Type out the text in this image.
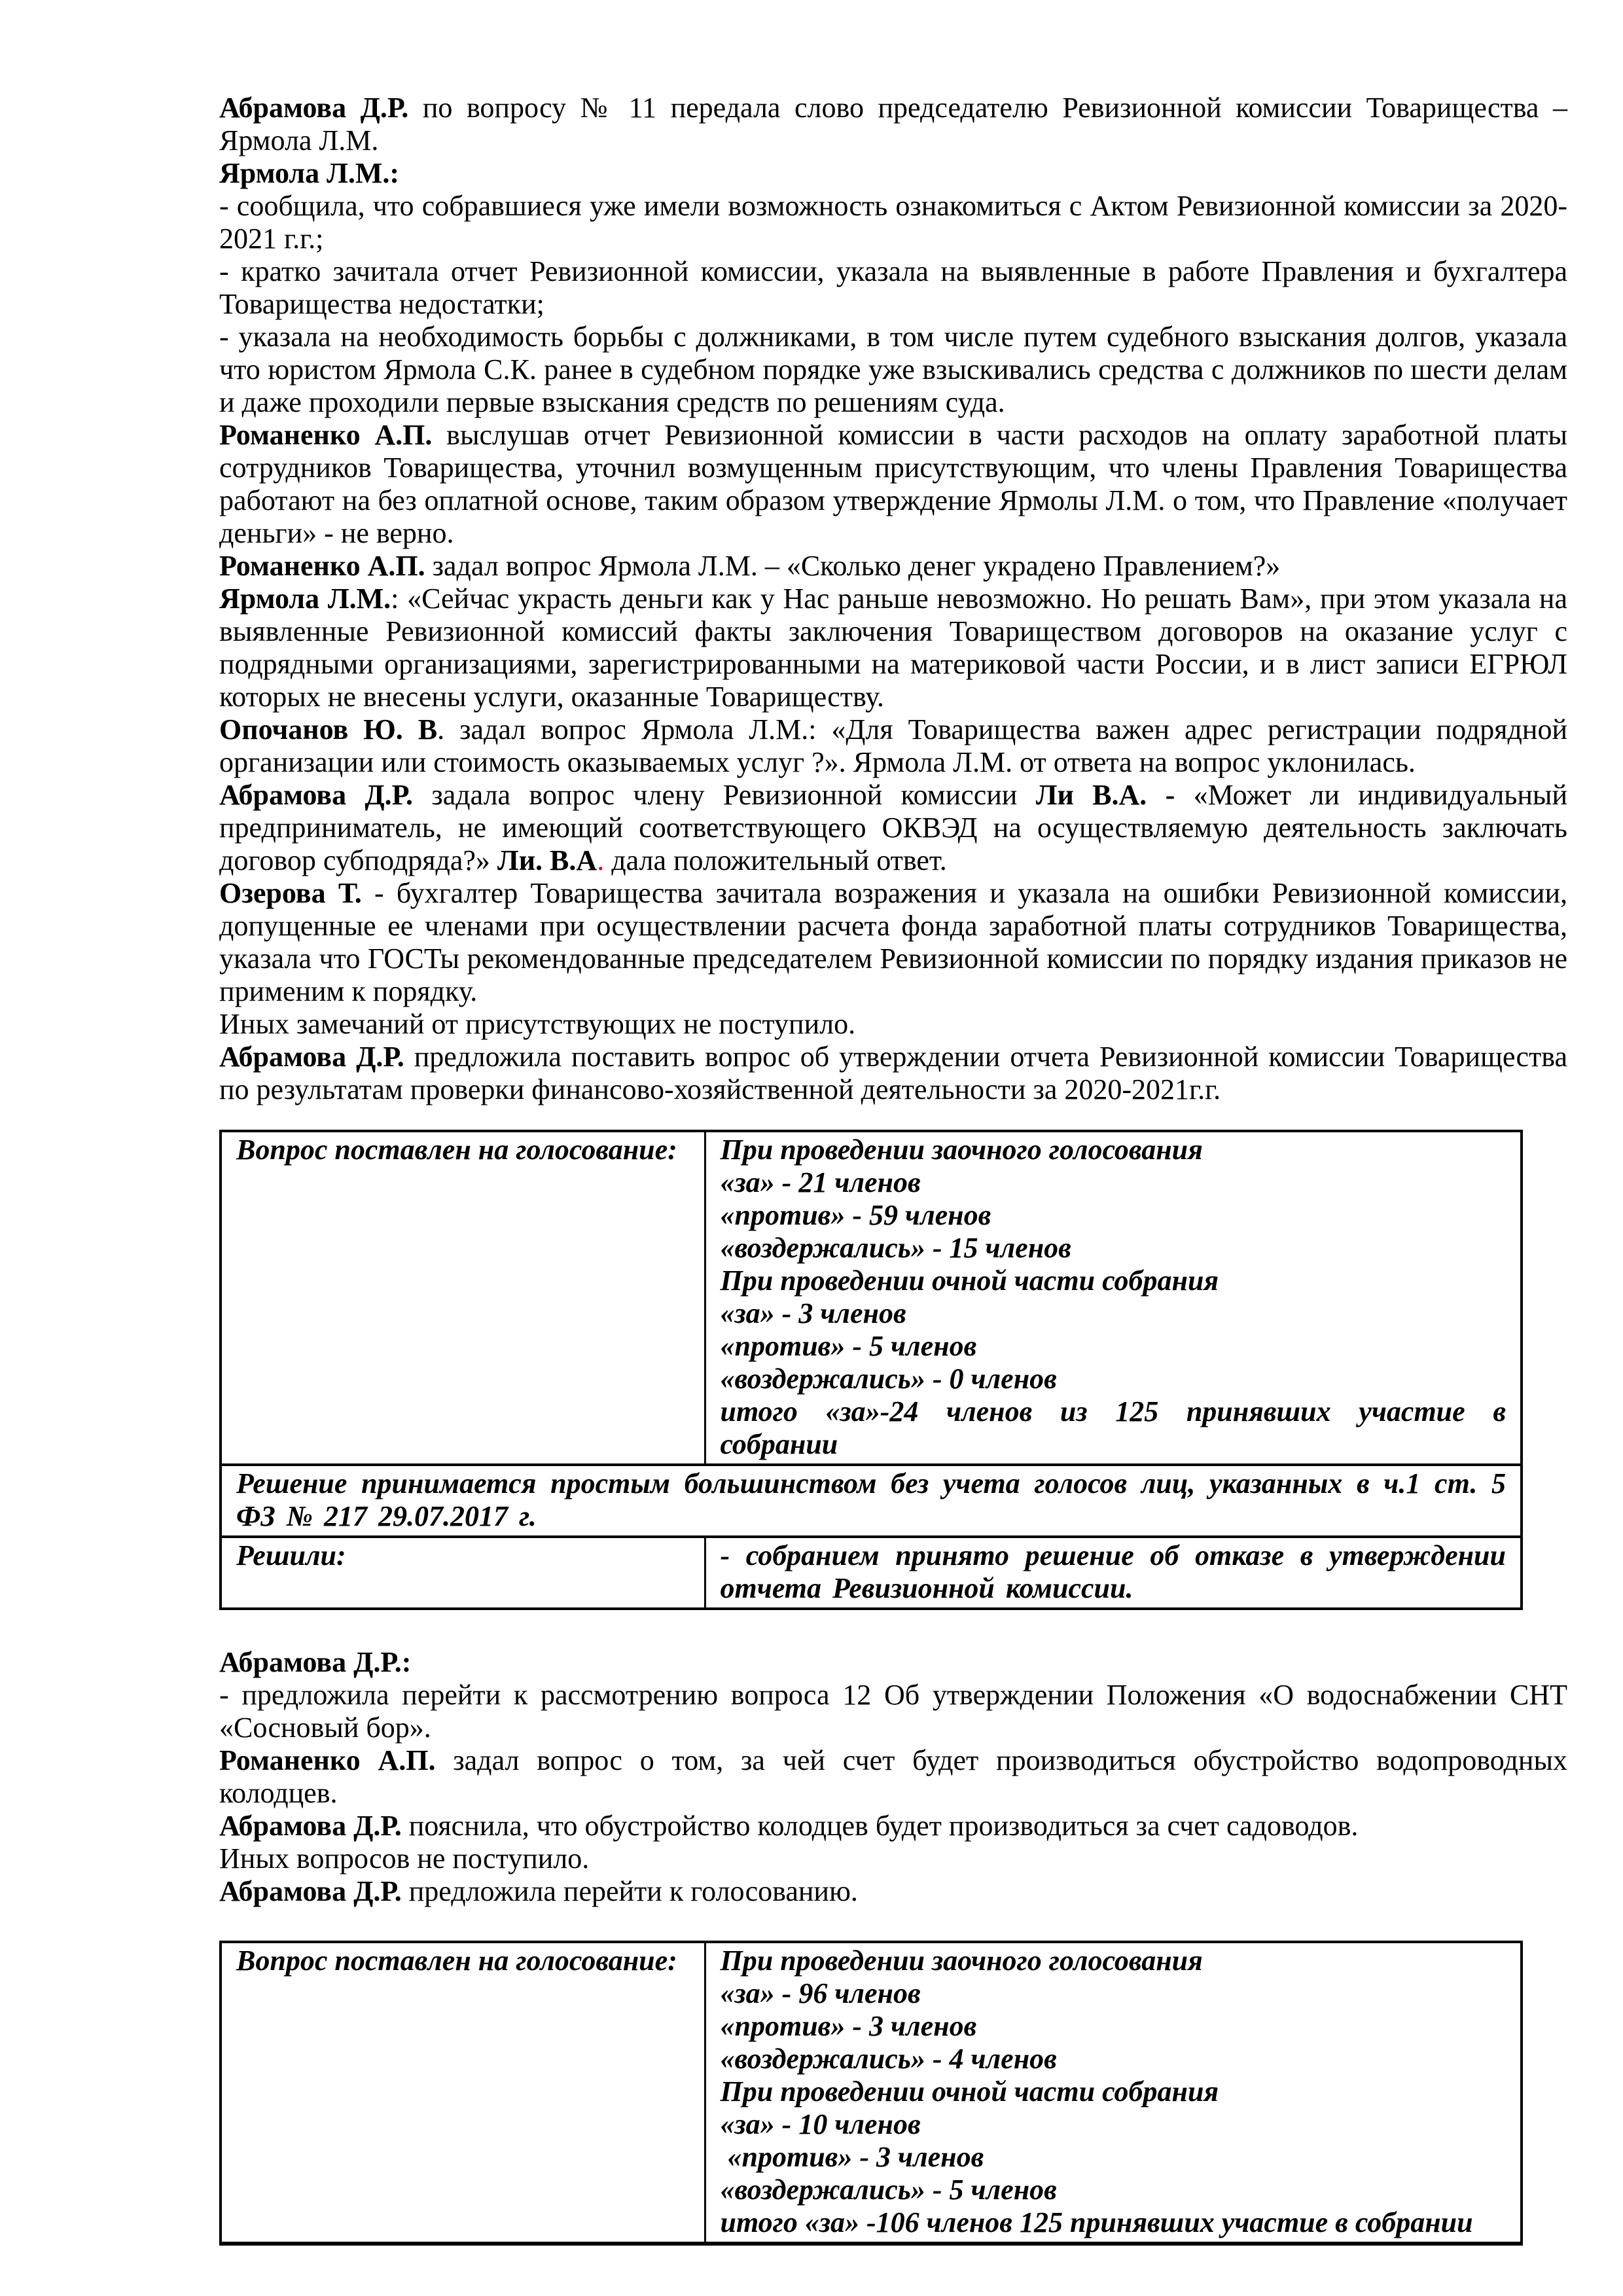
Абрамова Д.Р. по вопросу № 11 передала слово председателю Ревизионной комиссии Товарищества – Ярмола Л.М.

Ярмола Л.М.:

- сообщила, что собравшиеся уже имели возможность ознакомиться с Актом Ревизионной комиссии за 2020-2021 г.г.;

- кратко зачитала отчет Ревизионной комиссии, указала на выявленные в работе Правления и бухгалтера Товарищества недостатки;

- указала на необходимость борьбы с должниками, в том числе путем судебного взыскания долгов, указала что юристом Ярмола С.К. ранее в судебном порядке уже взыскивались средства с должников по шести делам и даже проходили первые взыскания средств по решениям суда.

Романенко А.П. выслушав отчет Ревизионной комиссии в части расходов на оплату заработной платы сотрудников Товарищества, уточнил возмущенным присутствующим, что члены Правления Товарищества работают на без оплатной основе, таким образом утверждение Ярмолы Л.М. о том, что Правление «получает деньги» - не верно.

Романенко А.П. задал вопрос Ярмола Л.М. – «Сколько денег украдено Правлением?»

Ярмола Л.М.: «Сейчас украсть деньги как у Нас раньше невозможно. Но решать Вам», при этом указала на выявленные Ревизионной комиссий факты заключения Товариществом договоров на оказание услуг с подрядными организациями, зарегистрированными на материковой части России, и в лист записи ЕГРЮЛ которых не внесены услуги, оказанные Товариществу.

Опочанов Ю. В. задал вопрос Ярмола Л.М.: «Для Товарищества важен адрес регистрации подрядной организации или стоимость оказываемых услуг ?». Ярмола Л.М. от ответа на вопрос уклонилась.

Абрамова Д.Р. задала вопрос члену Ревизионной комиссии Ли В.А. - «Может ли индивидуальный предприниматель, не имеющий соответствующего ОКВЭД на осуществляемую деятельность заключать договор субподряда?» Ли. В.А. дала положительный ответ.

Озерова Т. - бухгалтер Товарищества зачитала возражения и указала на ошибки Ревизионной комиссии, допущенные ее членами при осуществлении расчета фонда заработной платы сотрудников Товарищества, указала что ГОСТы рекомендованные председателем Ревизионной комиссии по порядку издания приказов не применим к порядку.

Иных замечаний от присутствующих не поступило.

Абрамова Д.Р. предложила поставить вопрос об утверждении отчета Ревизионной комиссии Товарищества по результатам проверки финансово-хозяйственной деятельности за 2020-2021г.г.

Вопрос поставлен на голосование:	При проведении заочного голосования
«за» - 21 членов
«против» - 59 членов
«воздержались» - 15 членов
При проведении очной части собрания
«за» - 3 членов
«против» - 5 членов
«воздержались» - 0 членов
итого «за»-24 членов из 125 принявших участие в собрании

Решение принимается простым большинством без учета голосов лиц, указанных в ч.1 ст. 5 ФЗ № 217 29.07.2017 г.	
Решили:	- собранием принято решение об отказе в утверждении отчета Ревизионной комиссии.

Абрамова Д.Р.:

- предложила перейти к рассмотрению вопроса 12 Об утверждении Положения «О водоснабжении СНТ «Сосновый бор».

Романенко А.П. задал вопрос о том, за чей счет будет производиться обустройство водопроводных колодцев.

Абрамова Д.Р. пояснила, что обустройство колодцев будет производиться за счет садоводов.

Иных вопросов не поступило.

Абрамова Д.Р. предложила перейти к голосованию.

Вопрос поставлен на голосование:	При проведении заочного голосования
«за» - 96 членов
«против» - 3 членов
«воздержались» - 4 членов
При проведении очной части собрания
«за» - 10 членов
«против» - 3 членов
«воздержались» - 5 членов
итого «за» -106 членов 125 принявших участие в собрании
